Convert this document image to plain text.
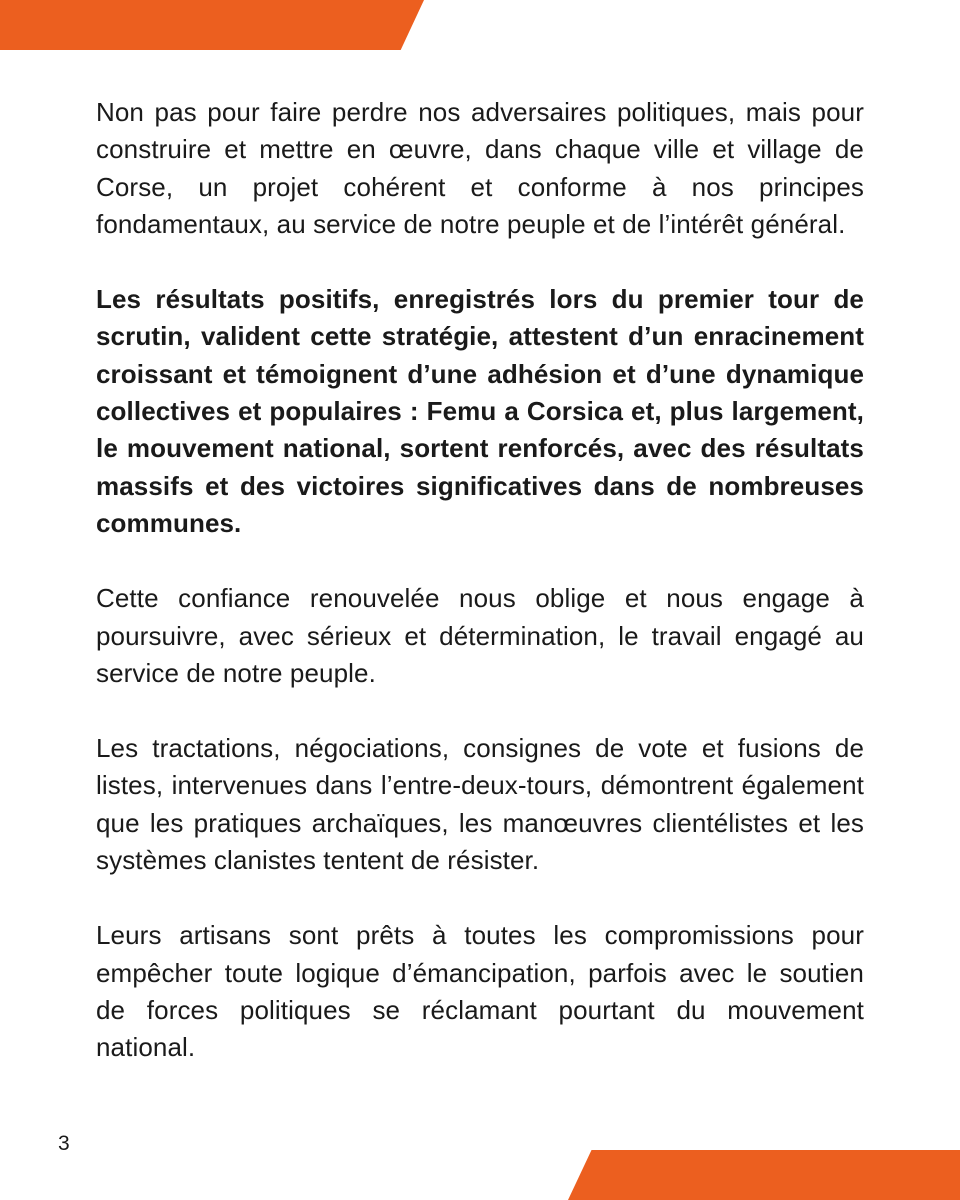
Non pas pour faire perdre nos adversaires politiques, mais pour construire et mettre en œuvre, dans chaque ville et village de Corse, un projet cohérent et conforme à nos principes fondamentaux, au service de notre peuple et de l’intérêt général.

Les résultats positifs, enregistrés lors du premier tour de scrutin, valident cette stratégie, attestent d’un enracinement croissant et témoignent d’une adhésion et d’une dynamique collectives et populaires : Femu a Corsica et, plus largement, le mouvement national, sortent renforcés, avec des résultats massifs et des victoires significatives dans de nombreuses communes.

Cette confiance renouvelée nous oblige et nous engage à poursuivre, avec sérieux et détermination, le travail engagé au service de notre peuple.

Les tractations, négociations, consignes de vote et fusions de listes, intervenues dans l’entre-deux-tours, démontrent également que les pratiques archaïques, les manœuvres clientélistes et les systèmes clanistes tentent de résister.

Leurs artisans sont prêts à toutes les compromissions pour empêcher toute logique d’émancipation, parfois avec le soutien de forces politiques se réclamant pourtant du mouvement national.

3
